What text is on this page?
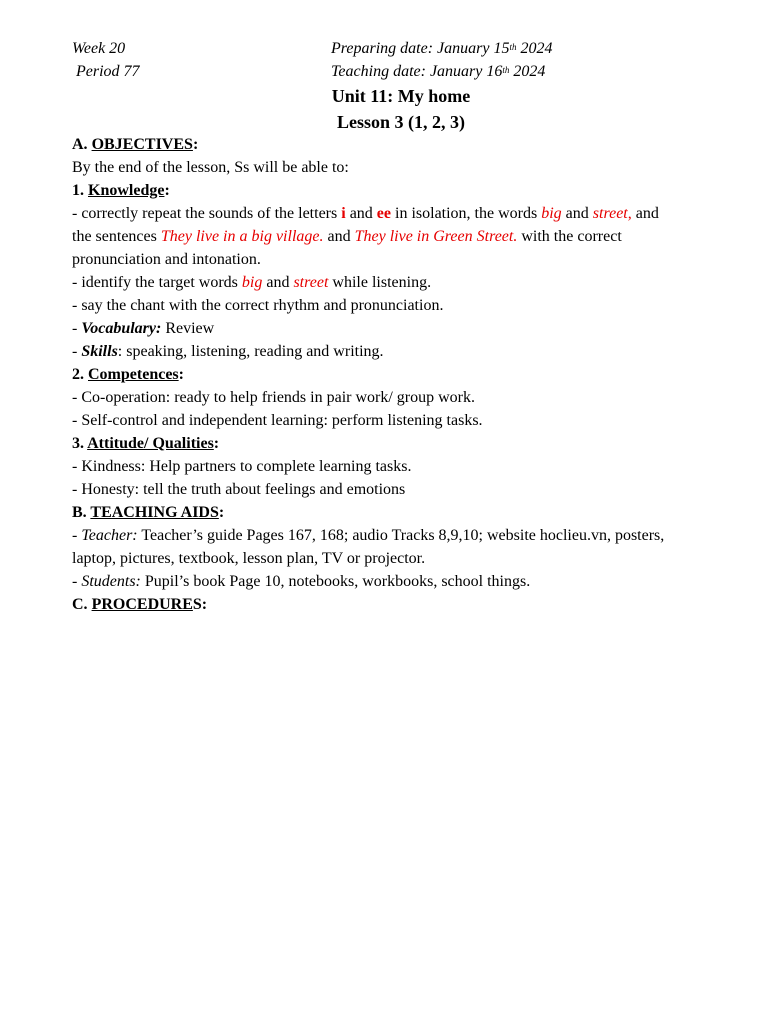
Week 20
Period 77
Preparing date: January 15th 2024
Teaching date: January 16th 2024
Unit 11: My home
Lesson 3 (1, 2, 3)
A. OBJECTIVES:
By the end of the lesson, Ss will be able to:
1. Knowledge:
- correctly repeat the sounds of the letters i and ee in isolation, the words big and street, and
the sentences They live in a big village. and They live in Green Street. with the correct
pronunciation and intonation.
- identify the target words big and street while listening.
- say the chant with the correct rhythm and pronunciation.
- Vocabulary: Review
- Skills: speaking, listening, reading and writing.
2. Competences:
- Co-operation: ready to help friends in pair work/ group work.
- Self-control and independent learning: perform listening tasks.
3. Attitude/ Qualities:
- Kindness: Help partners to complete learning tasks.
- Honesty: tell the truth about feelings and emotions
B. TEACHING AIDS:
- Teacher: Teacher’s guide Pages 167, 168; audio Tracks 8,9,10; website hoclieu.vn, posters,
laptop, pictures, textbook, lesson plan, TV or projector.
- Students: Pupil’s book Page 10, notebooks, workbooks, school things.
C. PROCEDURES:
